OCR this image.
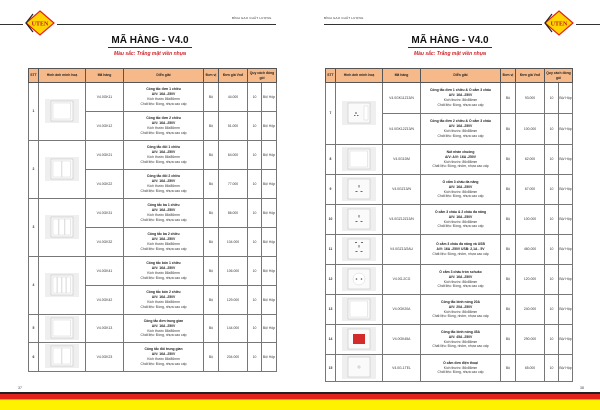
UTEN
BÌNH GAO CHẤT LƯỢNG
MÃ HÀNG - V4.0
Màu sắc: Trắng mặt viền nhựa
STT	Hình ảnh minh hoạ	Mã hàng	Diễn giải	Đơn vị	Đơn giá Vnđ	Quy cách đóng gói	
1		V4.0GK11	Công tắc đơn 1 chiều
A/V: 16A -250V
Kích thước 86x86mm
Chất liệu: Đồng, nhựa cao cấp	Bộ	44.000	10	Bộ/ Hộp
		V4.0GK12	Công tắc đơn 2 chiều
A/V: 16A -250V
Kích thước 86x86mm
Chất liệu: Đồng, nhựa cao cấp	Bộ	51.000	10	Bộ/ Hộp
2		V4.0GK21	Công tắc đôi 1 chiều
A/V: 16A -250V
Kích thước 86x86mm
Chất liệu: Đồng, nhựa cao cấp	Bộ	64.000	10	Bộ/ Hộp
		V4.0GK22	Công tắc đôi 2 chiều
A/V: 16A -250V
Kích thước 86x86mm
Chất liệu: Đồng, nhựa cao cấp	Bộ	77.000	10	Bộ/ Hộp
3		V4.0GK31	Công tắc ba 1 chiều
A/V: 16A -250V
Kích thước 86x86mm
Chất liệu: Đồng, nhựa cao cấp	Bộ	86.000	10	Bộ/ Hộp
		V4.0GK32	Công tắc ba 2 chiều
A/V: 16A -250V
Kích thước 86x86mm
Chất liệu: Đồng, nhựa cao cấp	Bộ	104.000	10	Bộ/ Hộp
4		V4.0GK41	Công tắc bốn 1 chiều
A/V: 16A -250V
Kích thước 86x86mm
Chất liệu: Đồng, nhựa cao cấp	Bộ	106.000	10	Bộ/ Hộp
		V4.0GK42	Công tắc bốn 2 chiều
A/V: 16A -250V
Kích thước 86x86mm
Chất liệu: Đồng, nhựa cao cấp	Bộ	129.000	10	Bộ/ Hộp
5		V4.0GK13	Công tắc đơn trung gian
A/V: 16A -250V
Kích thước 86x86mm
Chất liệu: Đồng, nhựa cao cấp	Bộ	144.000	10	Bộ/ Hộp
6		V4.0GK23	Công tắc đôi trung gian
A/V: 16A -250V
Kích thước 86x86mm
Chất liệu: Đồng, nhựa cao cấp	Bộ	204.000	10	Bộ/ Hộp
37
BÌNH GAO CHẤT LƯỢNG
UTEN
MÃ HÀNG - V4.0
Màu sắc: Trắng mặt viền nhựa
STT	Hình ảnh minh hoạ	Mã hàng	Diễn giải	Đơn vị	Đơn giá Vnđ	Quy cách đóng gói	
7		V4.0GK11Z13/N	Công tắc đơn 1 chiều & Ổ cắm 3 chấu
A/V: 16A -250V
Kích thước: 86x86mm
Chất liệu: Đồng, nhựa cao cấp	Bộ	93.000	10	Bộ/ Hộp
		V4.0GK12Z13/N	Công tắc đơn 2 chiều & Ổ cắm 3 chấu
A/V: 16A -250V
Kích thước: 86x86mm
Chất liệu: Đồng, nhựa cao cấp	Bộ	100.000	10	Bộ/ Hộp
8		V4.0G1DM	Nút nhấn chuông
A/V: A/V: 16A -250V
Kích thước: 86x86mm
Chất liệu: Đồng, nhôm, nhựa cao cấp	Bộ	62.000	10	Bộ/ Hộp
9		V4.0GZ13/N	Ổ cắm 3 chấu đa năng
A/V: 16A -250V
Kích thước: 86x86mm
Chất liệu: Đồng, nhựa cao cấp	Bộ	67.000	10	Bộ/ Hộp
10		V4.0GZ12Z13/N	Ổ cắm 3 chấu & 2 chấu đa năng
A/V: 16A -250V
Kích thước: 86x86mm
Chất liệu: Đồng, nhựa cao cấp	Bộ	100.000	10	Bộ/ Hộp
11		V4.0GZ13/2AU	Ổ cắm 3 chấu đa năng và USB
A/V: 16A -250V USB: 2,1A - 5V
Chất liệu: Đồng, nhôm, nhựa cao cấp	Bộ	460.000	10	Bộ/ Hộp
12		V4.0G-2CG	Ổ cắm 3 chấu tròn schuko
A/V: 16A -250V
Kích thước: 86x86mm
Chất liệu: Đồng, nhựa cao cấp	Bộ	120.000	10	Bộ/ Hộp
13		V4.0GK20A	Công tắc bình nóng 20A
A/V: 20A -250V
Kích thước: 86x86mm
Chất liệu: Đồng, nhôm, nhựa cao cấp	Bộ	240.000	10	Bộ/ Hộp
14		V4.0GK45A	Công tắc bình nóng 45A
A/V: 45A -250V
Kích thước: 86x86mm
Chất liệu: Đồng, nhôm, nhựa cao cấp	Bộ	290.000	10	Bộ/ Hộp
15		V4.0G-1TEL	Ổ cắm đơn điện thoại
Kích thước: 86x86mm
Chất liệu: Đồng, nhựa cao cấp	Bộ	65.000	10	Bộ/ Hộp
38
